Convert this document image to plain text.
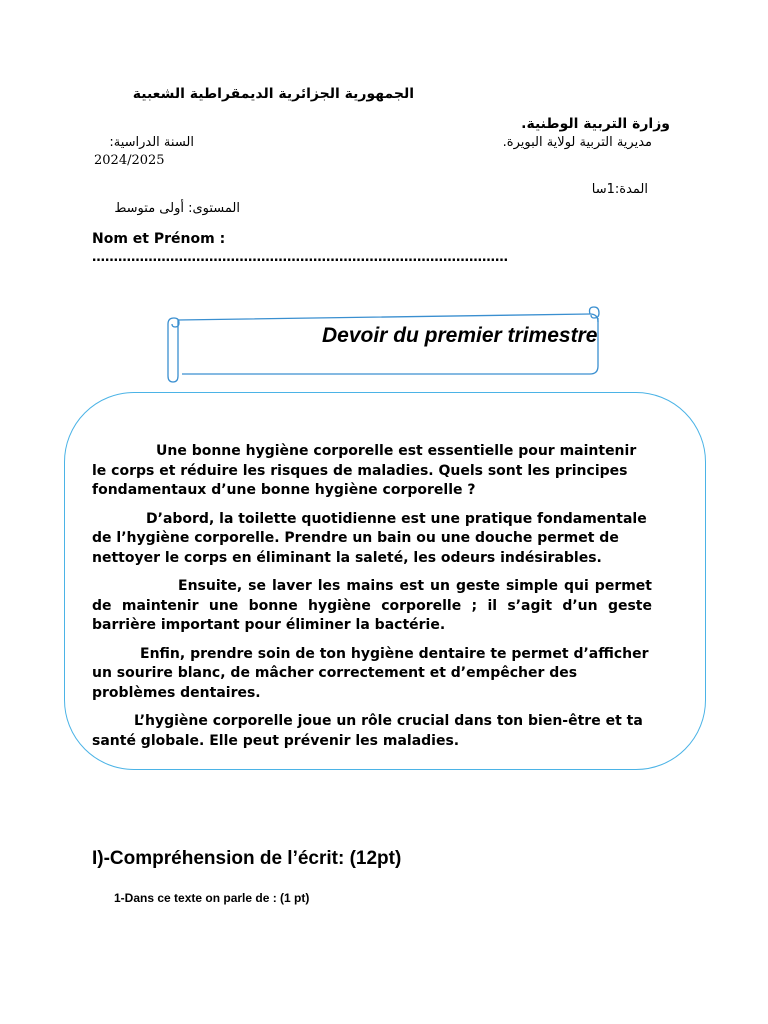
الجمهورية الجزائرية الديمقراطية الشعبية
وزارة التربية الوطنية.
مديرية التربية لولاية البويرة.
السنة الدراسية:
2024/2025
المدة:1سا
المستوى: أولى متوسط
Nom et Prénom :
……………………………………………………………………………………
Devoir du premier trimestre

Une bonne hygiène corporelle est essentielle pour maintenir le corps et réduire les risques de maladies. Quels sont les principes fondamentaux d’une bonne hygiène corporelle ?

D’abord, la toilette quotidienne est une pratique fondamentale de l’hygiène corporelle. Prendre un bain ou une douche permet de nettoyer le corps en éliminant la saleté, les odeurs indésirables.

Ensuite, se laver les mains est un geste simple qui permet de maintenir une bonne hygiène corporelle ; il s’agit d’un geste barrière important pour éliminer la bactérie.

Enfin, prendre soin de ton hygiène dentaire te permet d’afficher un sourire blanc, de mâcher correctement et d’empêcher des problèmes dentaires.

L’hygiène corporelle joue un rôle crucial dans ton bien-être et ta santé globale. Elle peut prévenir les maladies.

I)-Compréhension de l’écrit: (12pt)
1-Dans ce texte on parle de : (1 pt)
